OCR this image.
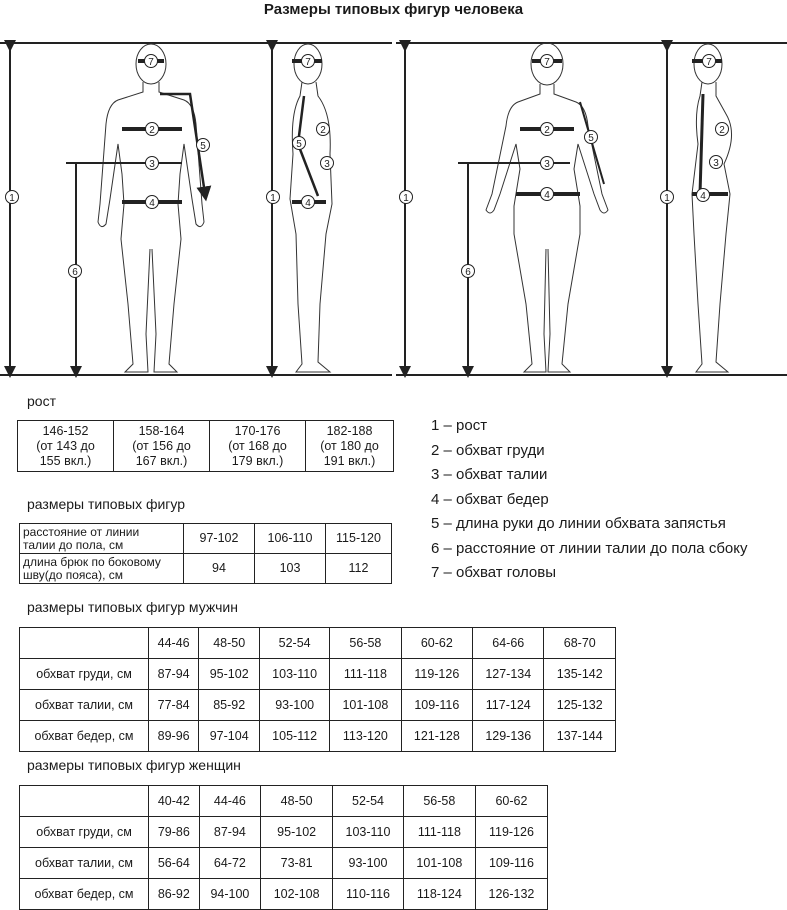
Размеры типовых фигур человека
7
2
3
4
5
1
6
7
2
3
4
5
1
7
2
3
4
5
1
6
7
2
3
4
1
рост
146-152
(от 143 до
155 вкл.)

158-164
(от 156 до
167 вкл.)

170-176
(от 168 до
179 вкл.)

182-188
(от 180 до
191 вкл.)
размеры типовых фигур
расстояние от линии
талии до пола, см	97-102	106-110	115-120

длина брюк по боковому
шву(до пояса), см	94	103	112
размеры типовых фигур мужчин
	44-46	48-50	52-54	56-58	60-62	64-66	68-70
обхват груди, см	87-94	95-102	103-110	111-118	119-126	127-134	135-142
обхват талии, см	77-84	85-92	93-100	101-108	109-116	117-124	125-132
обхват бедер, см	89-96	97-104	105-112	113-120	121-128	129-136	137-144
размеры типовых фигур женщин
	40-42	44-46	48-50	52-54	56-58	60-62
обхват груди, см	79-86	87-94	95-102	103-110	111-118	119-126
обхват талии, см	56-64	64-72	73-81	93-100	101-108	109-116
обхват бедер, см	86-92	94-100	102-108	110-116	118-124	126-132
1 – рост
2 – обхват груди
3 – обхват талии
4 – обхват бедер
5 – длина руки до линии обхвата запястья
6 – расстояние от линии талии до пола сбоку
7 – обхват головы
